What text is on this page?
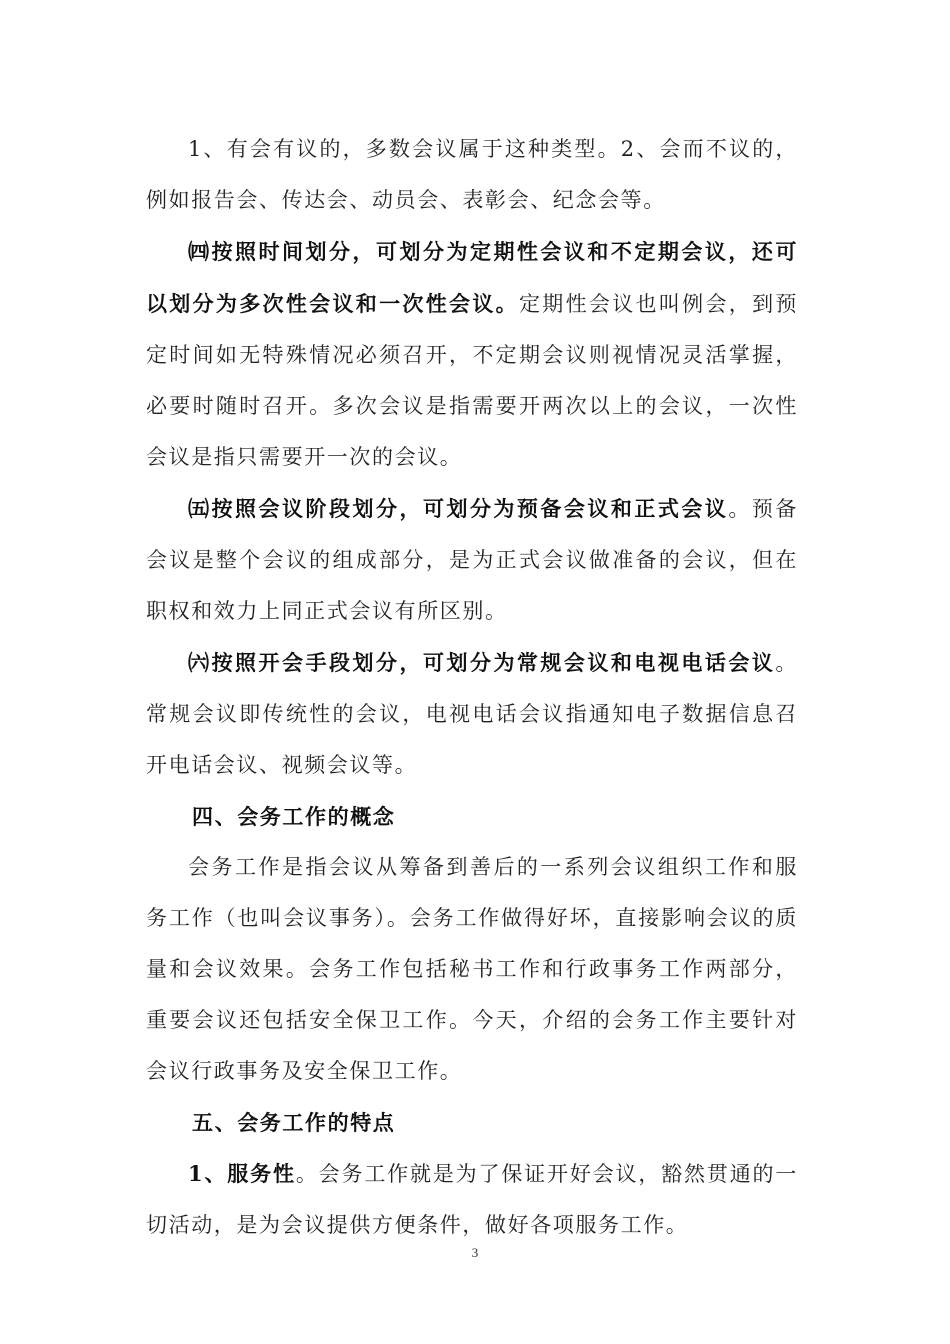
1、有会有议的，多数会议属于这种类型。2、会而不议的，例如报告会、传达会、动员会、表彰会、纪念会等。

㈣按照时间划分，可划分为定期性会议和不定期会议，还可以划分为多次性会议和一次性会议。定期性会议也叫例会，到预定时间如无特殊情况必须召开，不定期会议则视情况灵活掌握，必要时随时召开。多次会议是指需要开两次以上的会议，一次性会议是指只需要开一次的会议。

㈤按照会议阶段划分，可划分为预备会议和正式会议。预备会议是整个会议的组成部分，是为正式会议做准备的会议，但在职权和效力上同正式会议有所区别。

㈥按照开会手段划分，可划分为常规会议和电视电话会议。常规会议即传统性的会议，电视电话会议指通知电子数据信息召开电话会议、视频会议等。

四、会务工作的概念

会务工作是指会议从筹备到善后的一系列会议组织工作和服务工作（也叫会议事务）。会务工作做得好坏，直接影响会议的质量和会议效果。会务工作包括秘书工作和行政事务工作两部分，重要会议还包括安全保卫工作。今天，介绍的会务工作主要针对会议行政事务及安全保卫工作。

五、会务工作的特点

1、服务性。会务工作就是为了保证开好会议，豁然贯通的一切活动，是为会议提供方便条件，做好各项服务工作。

3
